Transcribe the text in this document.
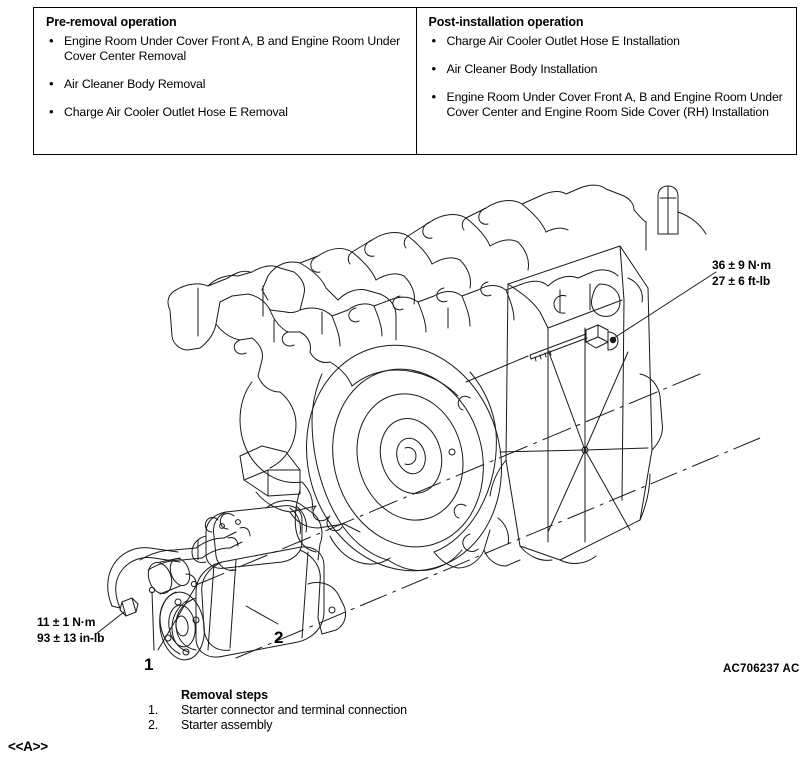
Pre-removal operation
• Engine Room Under Cover Front A, B and Engine Room Under Cover Center Removal
• Air Cleaner Body Removal
• Charge Air Cooler Outlet Hose E Removal
Post-installation operation
• Charge Air Cooler Outlet Hose E Installation
• Air Cleaner Body Installation
• Engine Room Under Cover Front A, B and Engine Room Under Cover Center and Engine Room Side Cover (RH) Installation
36 ± 9 N·m
27 ± 6 ft-lb
11 ± 1 N·m
93 ± 13 in-lb
1
2
AC706237 AC
<<A>>
Removal steps
1.	Starter connector and terminal connection
2.	Starter assembly
